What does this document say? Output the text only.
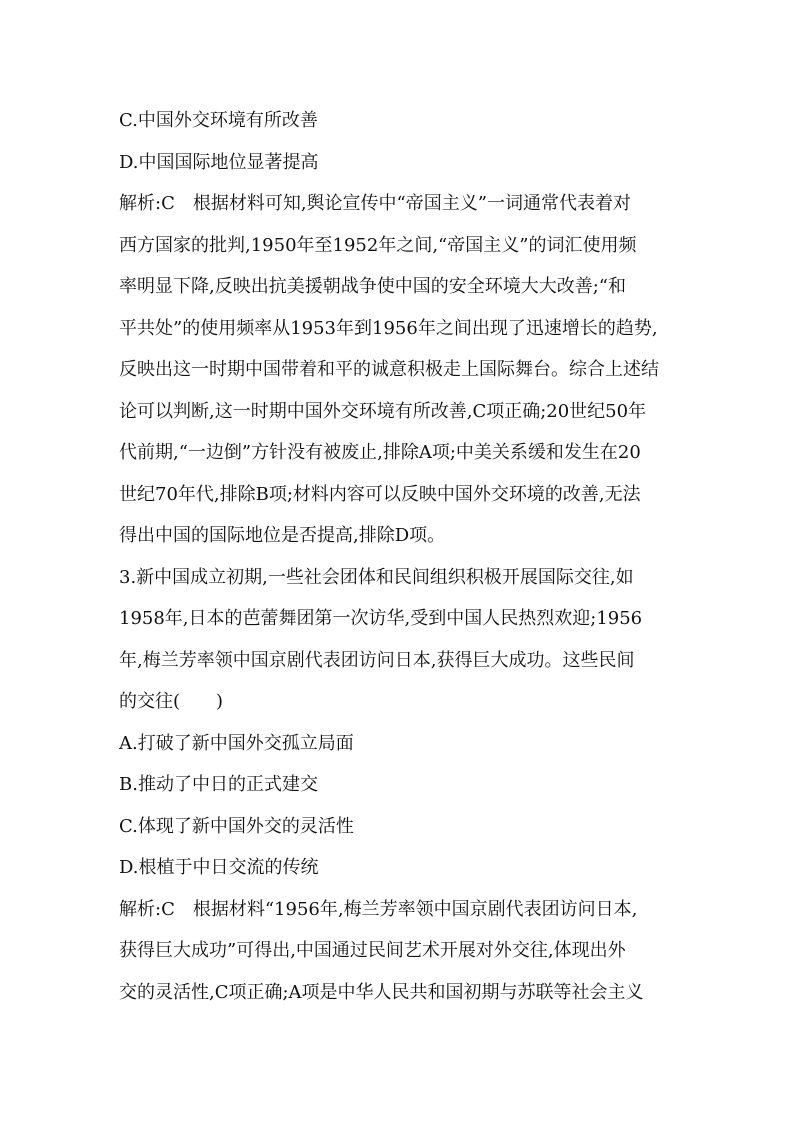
C.中国外交环境有所改善
D.中国国际地位显著提高
解析:C　根据材料可知,舆论宣传中“帝国主义”一词通常代表着对
西方国家的批判,1950年至1952年之间,“帝国主义”的词汇使用频
率明显下降,反映出抗美援朝战争使中国的安全环境大大改善;“和
平共处”的使用频率从1953年到1956年之间出现了迅速增长的趋势,
反映出这一时期中国带着和平的诚意积极走上国际舞台。综合上述结
论可以判断,这一时期中国外交环境有所改善,C项正确;20世纪50年
代前期,“一边倒”方针没有被废止,排除A项;中美关系缓和发生在20
世纪70年代,排除B项;材料内容可以反映中国外交环境的改善,无法
得出中国的国际地位是否提高,排除D项。
3.新中国成立初期,一些社会团体和民间组织积极开展国际交往,如
1958年,日本的芭蕾舞团第一次访华,受到中国人民热烈欢迎;1956
年,梅兰芳率领中国京剧代表团访问日本,获得巨大成功。这些民间
的交往(　　)
A.打破了新中国外交孤立局面
B.推动了中日的正式建交
C.体现了新中国外交的灵活性
D.根植于中日交流的传统
解析:C　根据材料“1956年,梅兰芳率领中国京剧代表团访问日本,
获得巨大成功”可得出,中国通过民间艺术开展对外交往,体现出外
交的灵活性,C项正确;A项是中华人民共和国初期与苏联等社会主义
